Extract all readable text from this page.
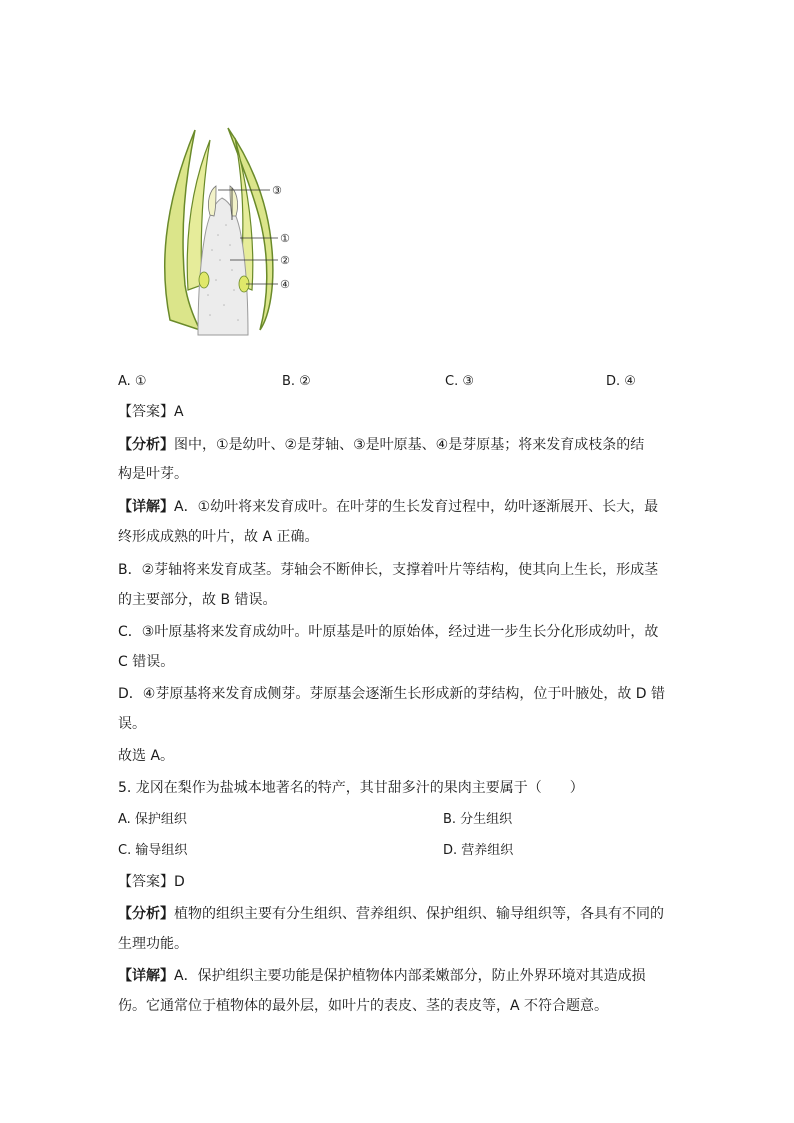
③
①
②
④
A. ①	B. ②	C. ③	D. ④
【答案】A
【分析】图中，①是幼叶、②是芽轴、③是叶原基、④是芽原基；将来发育成枝条的结
构是叶芽。
【详解】A．①幼叶将来发育成叶。在叶芽的生长发育过程中，幼叶逐渐展开、长大，最
终形成成熟的叶片，故 A 正确。
B．②芽轴将来发育成茎。芽轴会不断伸长，支撑着叶片等结构，使其向上生长，形成茎
的主要部分，故 B 错误。
C．③叶原基将来发育成幼叶。叶原基是叶的原始体，经过进一步生长分化形成幼叶，故
C 错误。
D．④芽原基将来发育成侧芽。芽原基会逐渐生长形成新的芽结构，位于叶腋处，故 D 错
误。
故选 A。
5. 龙冈在梨作为盐城本地著名的特产，其甘甜多汁的果肉主要属于（　　）
A. 保护组织	B. 分生组织
C. 输导组织	D. 营养组织
【答案】D
【分析】植物的组织主要有分生组织、营养组织、保护组织、输导组织等，各具有不同的
生理功能。
【详解】A．保护组织主要功能是保护植物体内部柔嫩部分，防止外界环境对其造成损
伤。它通常位于植物体的最外层，如叶片的表皮、茎的表皮等，A 不符合题意。
